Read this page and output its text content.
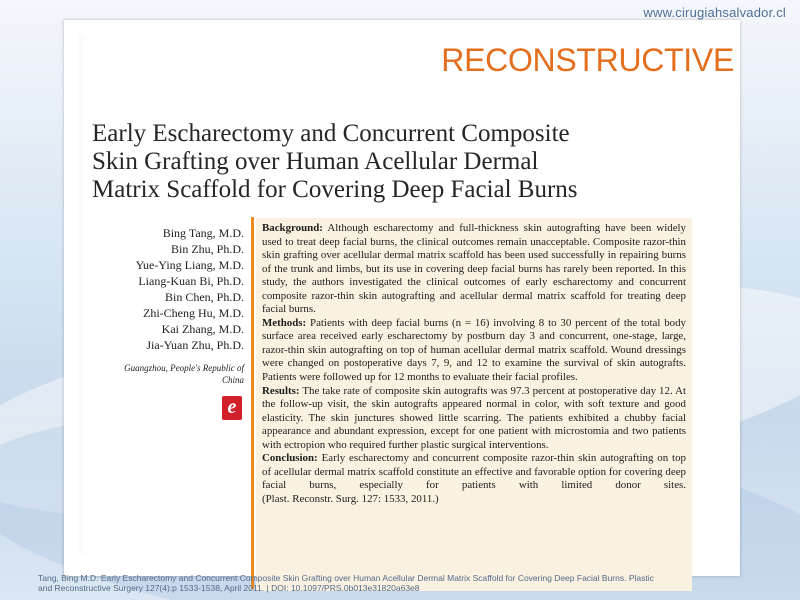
www.cirugiahsalvador.cl
RECONSTRUCTIVE
Early Escharectomy and Concurrent Composite
Skin Grafting over Human Acellular Dermal
Matrix Scaffold for Covering Deep Facial Burns
Bing Tang, M.D.
Bin Zhu, Ph.D.
Yue-Ying Liang, M.D.
Liang-Kuan Bi, Ph.D.
Bin Chen, Ph.D.
Zhi-Cheng Hu, M.D.
Kai Zhang, M.D.
Jia-Yuan Zhu, Ph.D.
Guangzhou, People's Republic of
China
e

Background: Although escharectomy and full-thickness skin autografting have been widely used to treat deep facial burns, the clinical outcomes remain unacceptable. Composite razor-thin skin grafting over acellular dermal matrix scaffold has been used successfully in repairing burns of the trunk and limbs, but its use in covering deep facial burns has rarely been reported. In this study, the authors investigated the clinical outcomes of early escharectomy and concurrent composite razor-thin skin autografting and acellular dermal matrix scaffold for treating deep facial burns.

Methods: Patients with deep facial burns (n = 16) involving 8 to 30 percent of the total body surface area received early escharectomy by postburn day 3 and concurrent, one-stage, large, razor-thin skin autografting on top of human acellular dermal matrix scaffold. Wound dressings were changed on postoperative days 7, 9, and 12 to examine the survival of skin autografts. Patients were followed up for 12 months to evaluate their facial profiles.

Results: The take rate of composite skin autografts was 97.3 percent at postoperative day 12. At the follow-up visit, the skin autografts appeared normal in color, with soft texture and good elasticity. The skin junctures showed little scarring. The patients exhibited a chubby facial appearance and abundant expression, except for one patient with microstomia and two patients with ectropion who required further plastic surgical interventions.

Conclusion: Early escharectomy and concurrent composite razor-thin skin autografting on top of acellular dermal matrix scaffold constitute an effective and favorable option for covering deep facial burns, especially for patients with limited donor sites. (Plast. Reconstr. Surg. 127: 1533, 2011.)

Tang, Bing M.D. Early Escharectomy and Concurrent Composite Skin Grafting over Human Acellular Dermal Matrix Scaffold for Covering Deep Facial Burns. Plastic
and Reconstructive Surgery 127(4):p 1533-1538, April 2011. | DOI: 10.1097/PRS.0b013e31820a63e8
